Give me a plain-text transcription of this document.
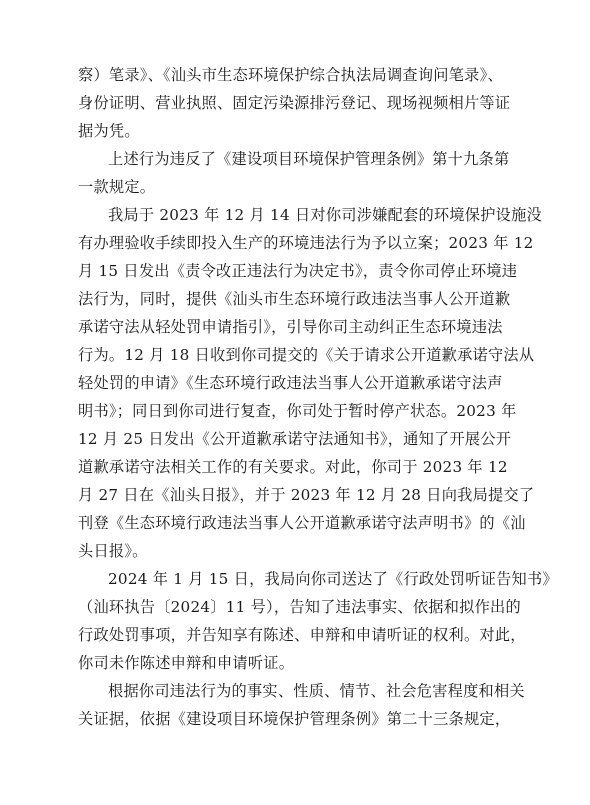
察）笔录》、《汕头市生态环境保护综合执法局调查询问笔录》、
身份证明、营业执照、固定污染源排污登记、现场视频相片等证
据为凭。
上述行为违反了《建设项目环境保护管理条例》第十九条第
一款规定。
我局于 2023 年 12 月 14 日对你司涉嫌配套的环境保护设施没
有办理验收手续即投入生产的环境违法行为予以立案；2023 年 12
月 15 日发出《责令改正违法行为决定书》，责令你司停止环境违
法行为，同时，提供《汕头市生态环境行政违法当事人公开道歉
承诺守法从轻处罚申请指引》，引导你司主动纠正生态环境违法
行为。12 月 18 日收到你司提交的《关于请求公开道歉承诺守法从
轻处罚的申请》《生态环境行政违法当事人公开道歉承诺守法声
明书》；同日到你司进行复查，你司处于暂时停产状态。2023 年
12 月 25 日发出《公开道歉承诺守法通知书》，通知了开展公开
道歉承诺守法相关工作的有关要求。对此，你司于 2023 年 12
月 27 日在《汕头日报》，并于 2023 年 12 月 28 日向我局提交了
刊登《生态环境行政违法当事人公开道歉承诺守法声明书》的《汕
头日报》。
2024 年 1 月 15 日，我局向你司送达了《行政处罚听证告知书》
（汕环执告〔2024〕11 号），告知了违法事实、依据和拟作出的
行政处罚事项，并告知享有陈述、申辩和申请听证的权利。对此，
你司未作陈述申辩和申请听证。
根据你司违法行为的事实、性质、情节、社会危害程度和相关
关证据，依据《建设项目环境保护管理条例》第二十三条规定，
